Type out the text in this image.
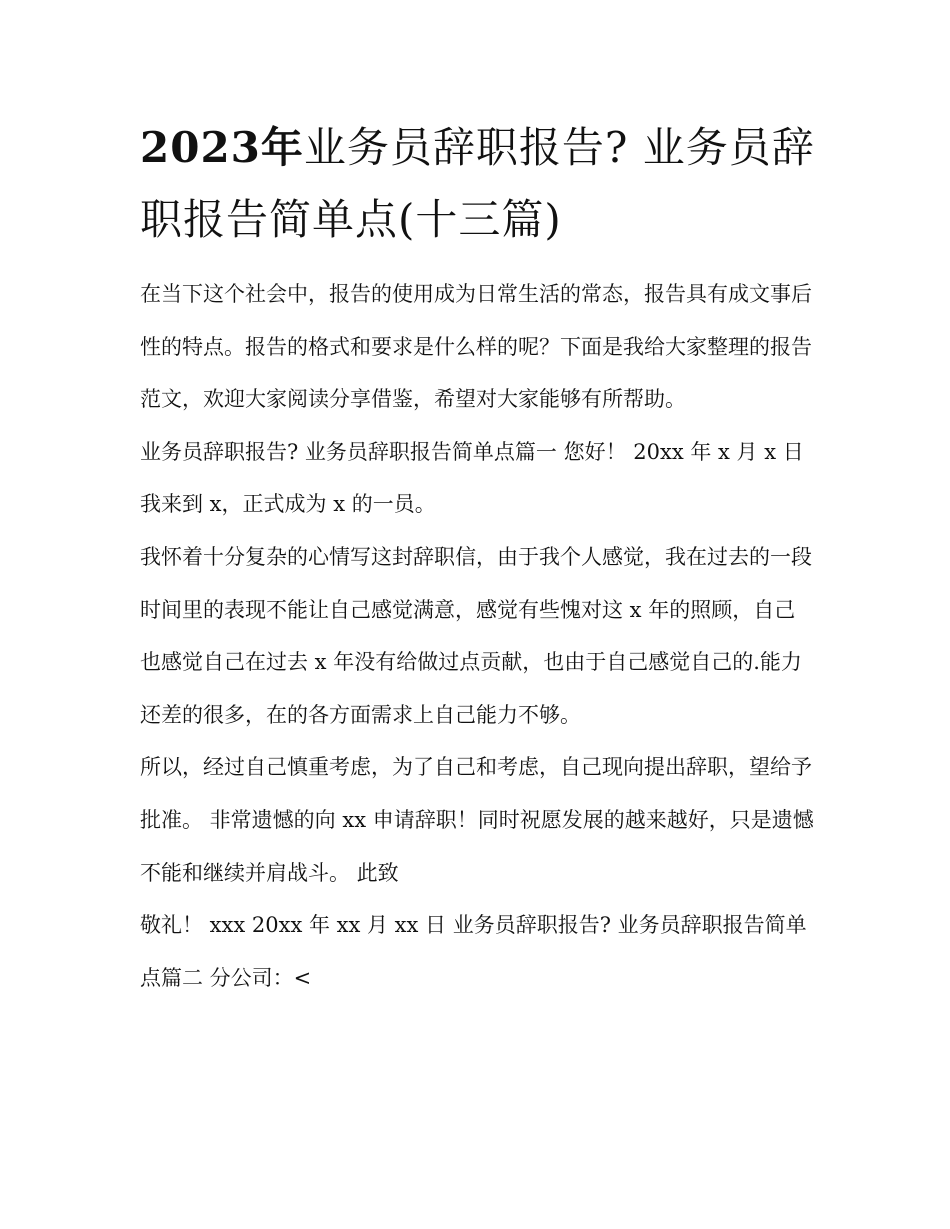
2023年业务员辞职报告? 业务员辞职报告简单点(十三篇)

在当下这个社会中，报告的使用成为日常生活的常态，报告具有成文事后性的特点。报告的格式和要求是什么样的呢？下面是我给大家整理的报告范文，欢迎大家阅读分享借鉴，希望对大家能够有所帮助。

业务员辞职报告? 业务员辞职报告简单点篇一 您好！ 20xx 年 x 月 x 日我来到 x，正式成为 x 的一员。

我怀着十分复杂的心情写这封辞职信，由于我个人感觉，我在过去的一段时间里的表现不能让自己感觉满意，感觉有些愧对这 x 年的照顾，自己也感觉自己在过去 x 年没有给做过点贡献，也由于自己感觉自己的.能力还差的很多，在的各方面需求上自己能力不够。

所以，经过自己慎重考虑，为了自己和考虑，自己现向提出辞职，望给予批准。 非常遗憾的向 xx 申请辞职！同时祝愿发展的越来越好，只是遗憾不能和继续并肩战斗。 此致

敬礼！ xxx 20xx 年 xx 月 xx 日 业务员辞职报告? 业务员辞职报告简单点篇二 分公司：<
